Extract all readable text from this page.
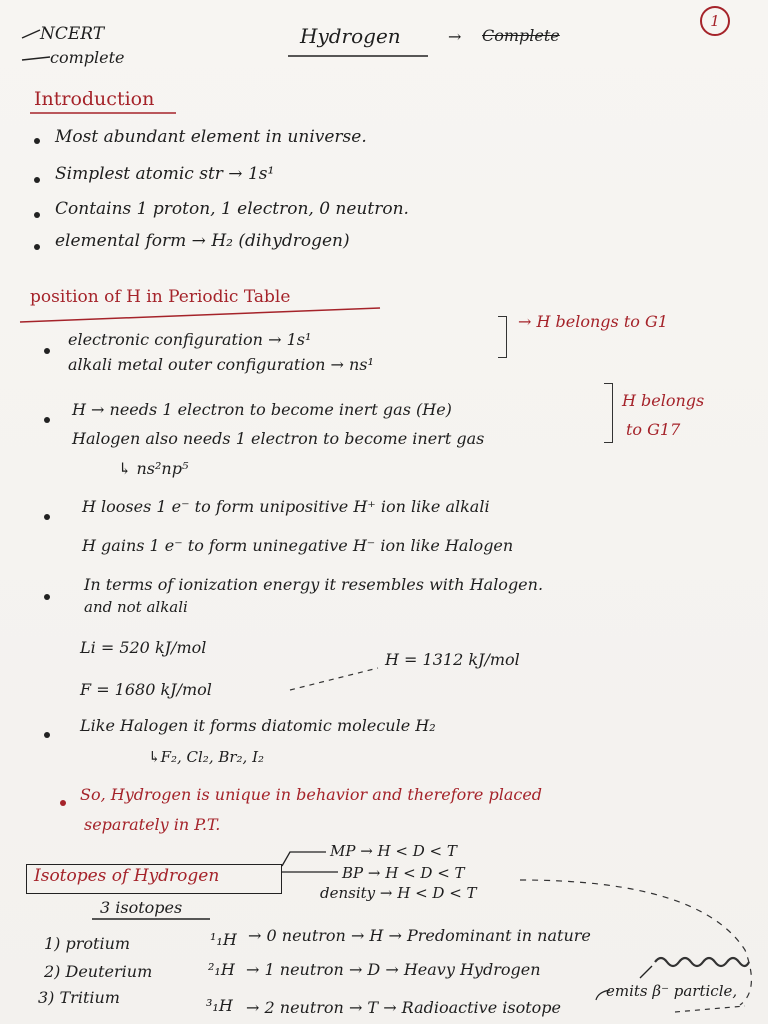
NCERT
complete
Hydrogen	→ Complete
1
Introduction
Most abundant element in universe.
Simplest atomic str → 1s¹
Contains 1 proton, 1 electron, 0 neutron.
elemental form → H₂ (dihydrogen)
position of H in Periodic Table
electronic configuration → 1s¹
alkali metal outer configuration → ns¹
→ H belongs to G1
H → needs 1 electron to become inert gas (He)
Halogen also needs 1 electron to become inert gas
↳ ns²np⁵
H belongs
to G17
H looses 1 e⁻ to form unipositive H⁺ ion like alkali
H gains 1 e⁻ to form uninegative H⁻ ion like Halogen
In terms of ionization energy it resembles with Halogen.
and not alkali
Li = 520 kJ/mol
F = 1680 kJ/mol
H = 1312 kJ/mol
Like Halogen it forms diatomic molecule H₂
↳F₂, Cl₂, Br₂, I₂
So, Hydrogen is unique in behavior and therefore placed
separately in P.T.
Isotopes of Hydrogen
MP → H < D < T
BP → H < D < T
density → H < D < T
3 isotopes
1) protium	¹₁H → 0 neutron → H → Predominant in nature
2) Deuterium	²₁H → 1 neutron → D → Heavy Hydrogen
3) Tritium	³₁H → 2 neutron → T → Radioactive isotope
emits β⁻ particle,
